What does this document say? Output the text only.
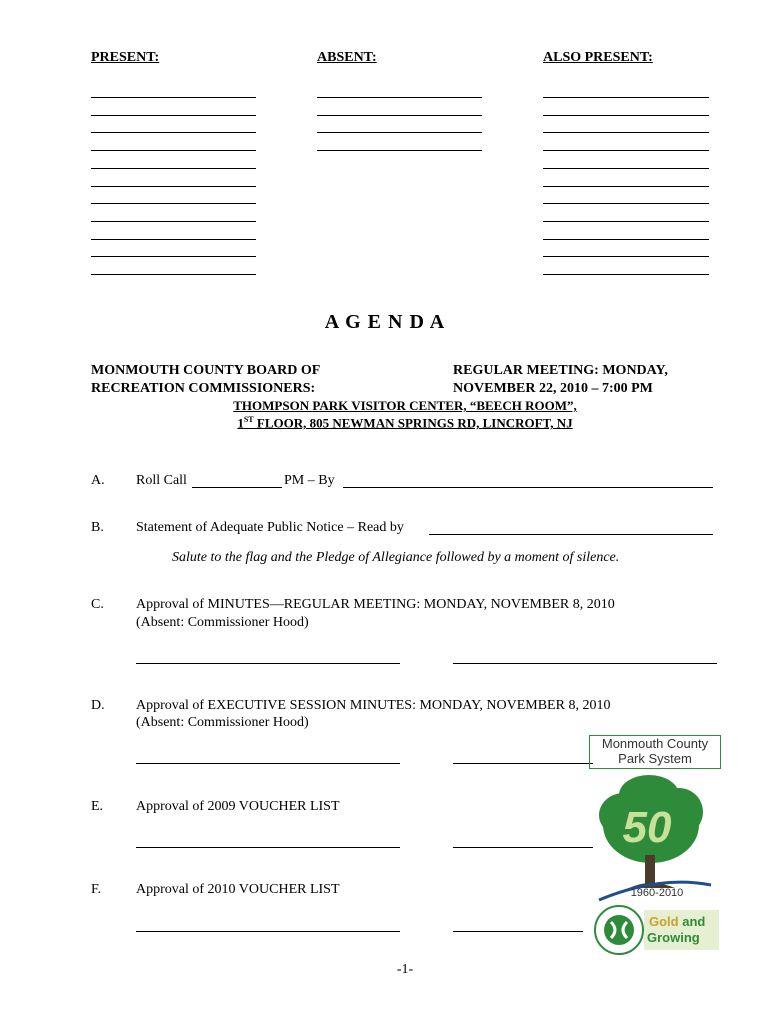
PRESENT:	ABSENT:	ALSO PRESENT:
A G E N D A
MONMOUTH COUNTY BOARD OF
RECREATION COMMISSIONERS:
REGULAR MEETING: MONDAY,
NOVEMBER 22, 2010 – 7:00 PM
THOMPSON PARK VISITOR CENTER, “BEECH ROOM”,
1ST FLOOR, 805 NEWMAN SPRINGS RD, LINCROFT, NJ
A. Roll Call	PM – By
B. Statement of Adequate Public Notice – Read by
Salute to the flag and the Pledge of Allegiance followed by a moment of silence.
C. Approval of MINUTES—REGULAR MEETING: MONDAY, NOVEMBER 8, 2010
(Absent: Commissioner Hood)
D. Approval of EXECUTIVE SESSION MINUTES: MONDAY, NOVEMBER 8, 2010
(Absent: Commissioner Hood)
E. Approval of 2009 VOUCHER LIST
F. Approval of 2010 VOUCHER LIST
Monmouth County
Park System
50
1960-2010
Gold and
Growing
-1-
